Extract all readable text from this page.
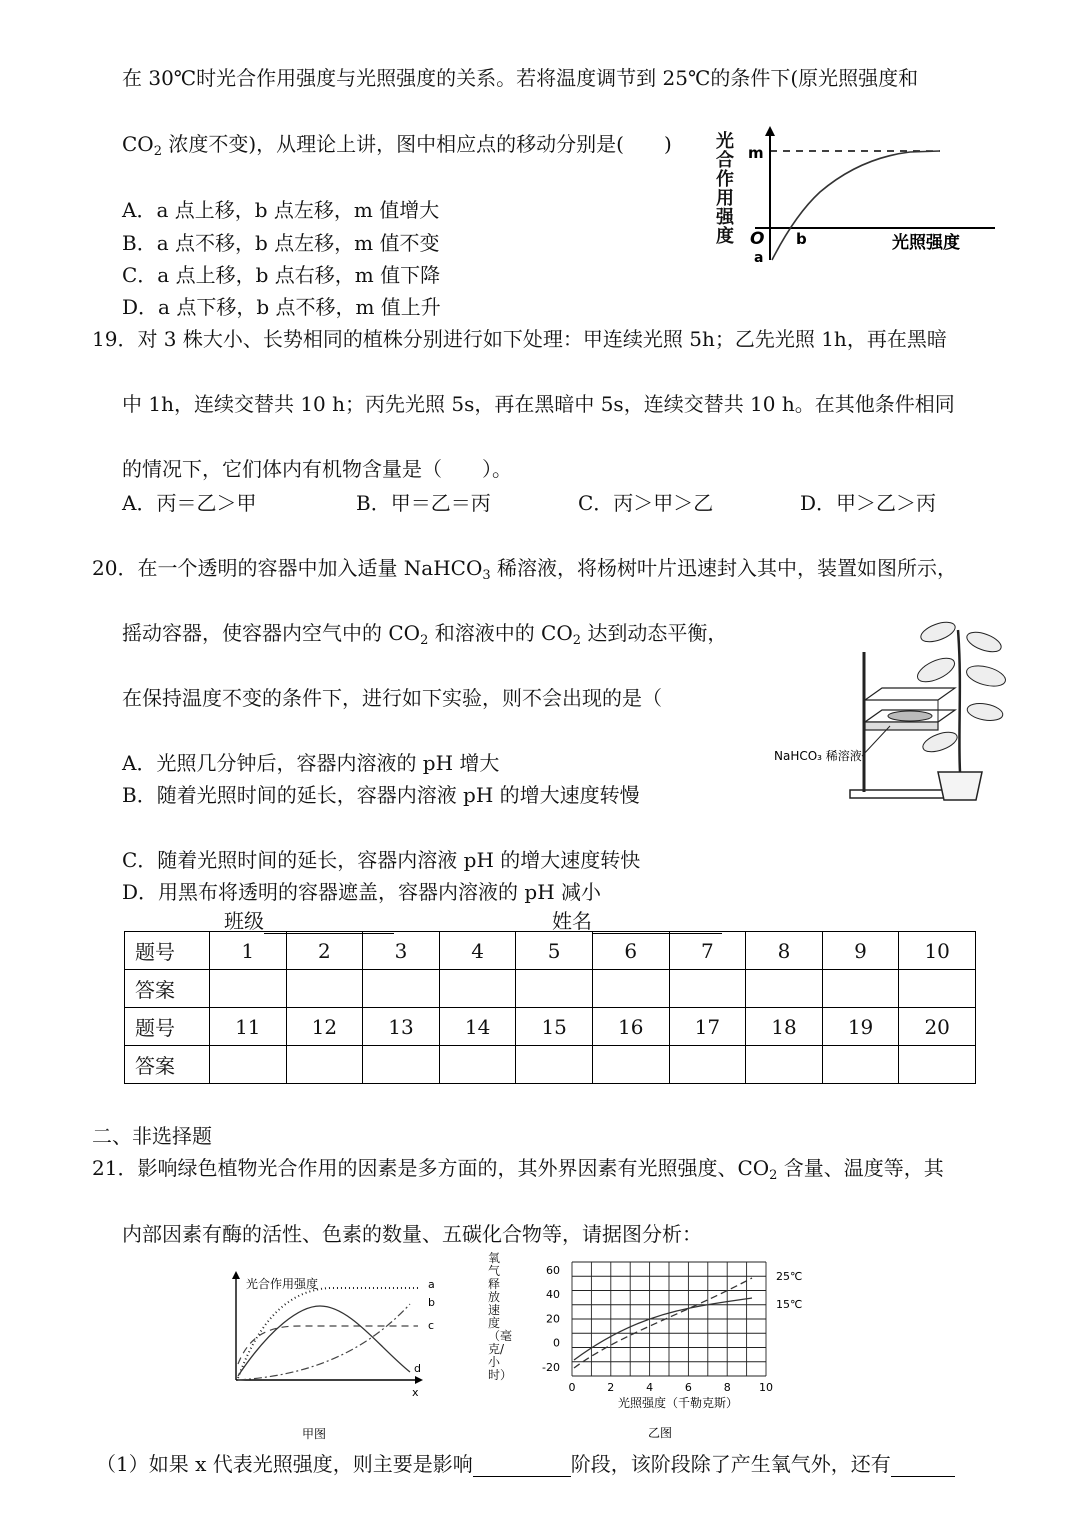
在 30℃时光合作用强度与光照强度的关系。若将温度调节到 25℃的条件下(原光照强度和
$CO_2$ 浓度不变)，从理论上讲，图中相应点的移动分别是(　　)
A．a 点上移，b 点左移，m 值增大
B．a 点不移，b 点左移，m 值不变
C．a 点上移，b 点右移，m 值下降
D．a 点下移，b 点不移，m 值上升
m
O
a
b	光照强度
光合作用强度
19．对 3 株大小、长势相同的植株分别进行如下处理：甲连续光照 5h；乙先光照 1h，再在黑暗
中 1h，连续交替共 10 h；丙先光照 5s，再在黑暗中 5s，连续交替共 10 h。在其他条件相同
的情况下，它们体内有机物含量是（　　）。
A．丙＝乙＞甲	B．甲＝乙＝丙	C．丙＞甲＞乙	D．甲＞乙＞丙
20．在一个透明的容器中加入适量 NaHCO$_3$ 稀溶液，将杨树叶片迅速封入其中，装置如图所示，
摇动容器，使容器内空气中的 $CO_2$ 和溶液中的 $CO_2$ 达到动态平衡，
在保持温度不变的条件下，进行如下实验，则不会出现的是（
A．光照几分钟后，容器内溶液的 pH 增大
B．随着光照时间的延长，容器内溶液 pH 的增大速度转慢
C．随着光照时间的延长，容器内溶液 pH 的增大速度转快
D．用黑布将透明的容器遮盖，容器内溶液的 pH 减小
NaHCO₃ 稀溶液
班级	姓名
题号	1	2	3	4	5	6	7	8	9	10
答案										
题号	11	12	13	14	15	16	17	18	19	20
答案										
二、非选择题
21．影响绿色植物光合作用的因素是多方面的，其外界因素有光照强度、$CO_2$ 含量、温度等，其
内部因素有酶的活性、色素的数量、五碳化合物等，请据图分析：
光合作用强度
x
a
b
c
d
甲图
氧气释放速度（毫克/小时）
60
40
20
0
-20
0	2	4	6	8	10
25℃
15℃
光照强度（千勒克斯）
乙图
（1）如果 x 代表光照强度，则主要是影响	阶段，该阶段除了产生氧气外，还有
